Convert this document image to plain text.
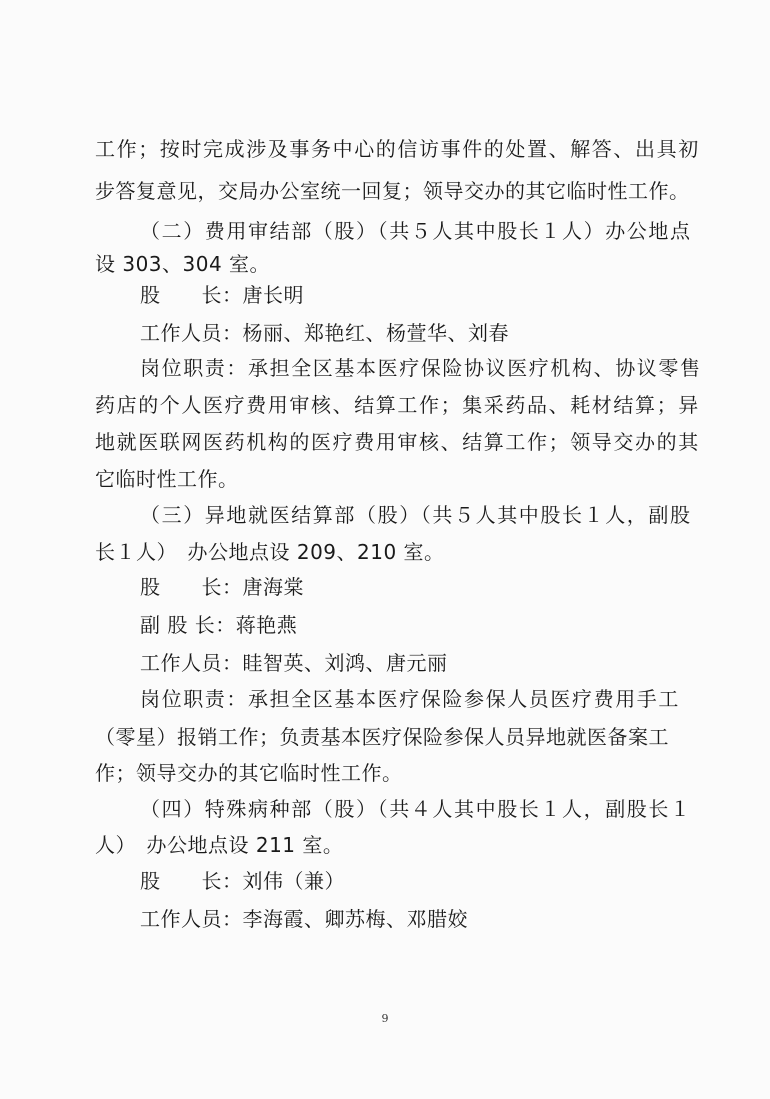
工作；按时完成涉及事务中心的信访事件的处置、解答、出具初
步答复意见，交局办公室统一回复；领导交办的其它临时性工作。
（二）费用审结部（股）（共５人其中股长１人）办公地点
设 303、304 室。
股　　长：唐长明
工作人员：杨丽、郑艳红、杨萱华、刘春
岗位职责：承担全区基本医疗保险协议医疗机构、协议零售
药店的个人医疗费用审核、结算工作；集采药品、耗材结算；异
地就医联网医药机构的医疗费用审核、结算工作；领导交办的其
它临时性工作。
（三）异地就医结算部（股）（共５人其中股长１人，副股
长１人）　办公地点设 209、210 室。
股　　长：唐海棠
副 股 长：蒋艳燕
工作人员：眭智英、刘鸿、唐元丽
岗位职责：承担全区基本医疗保险参保人员医疗费用手工
（零星）报销工作；负责基本医疗保险参保人员异地就医备案工
作；领导交办的其它临时性工作。
（四）特殊病种部（股）（共４人其中股长１人，副股长１
人）　办公地点设 211 室。
股　　长：刘伟（兼）
工作人员：李海霞、卿苏梅、邓腊姣
9
